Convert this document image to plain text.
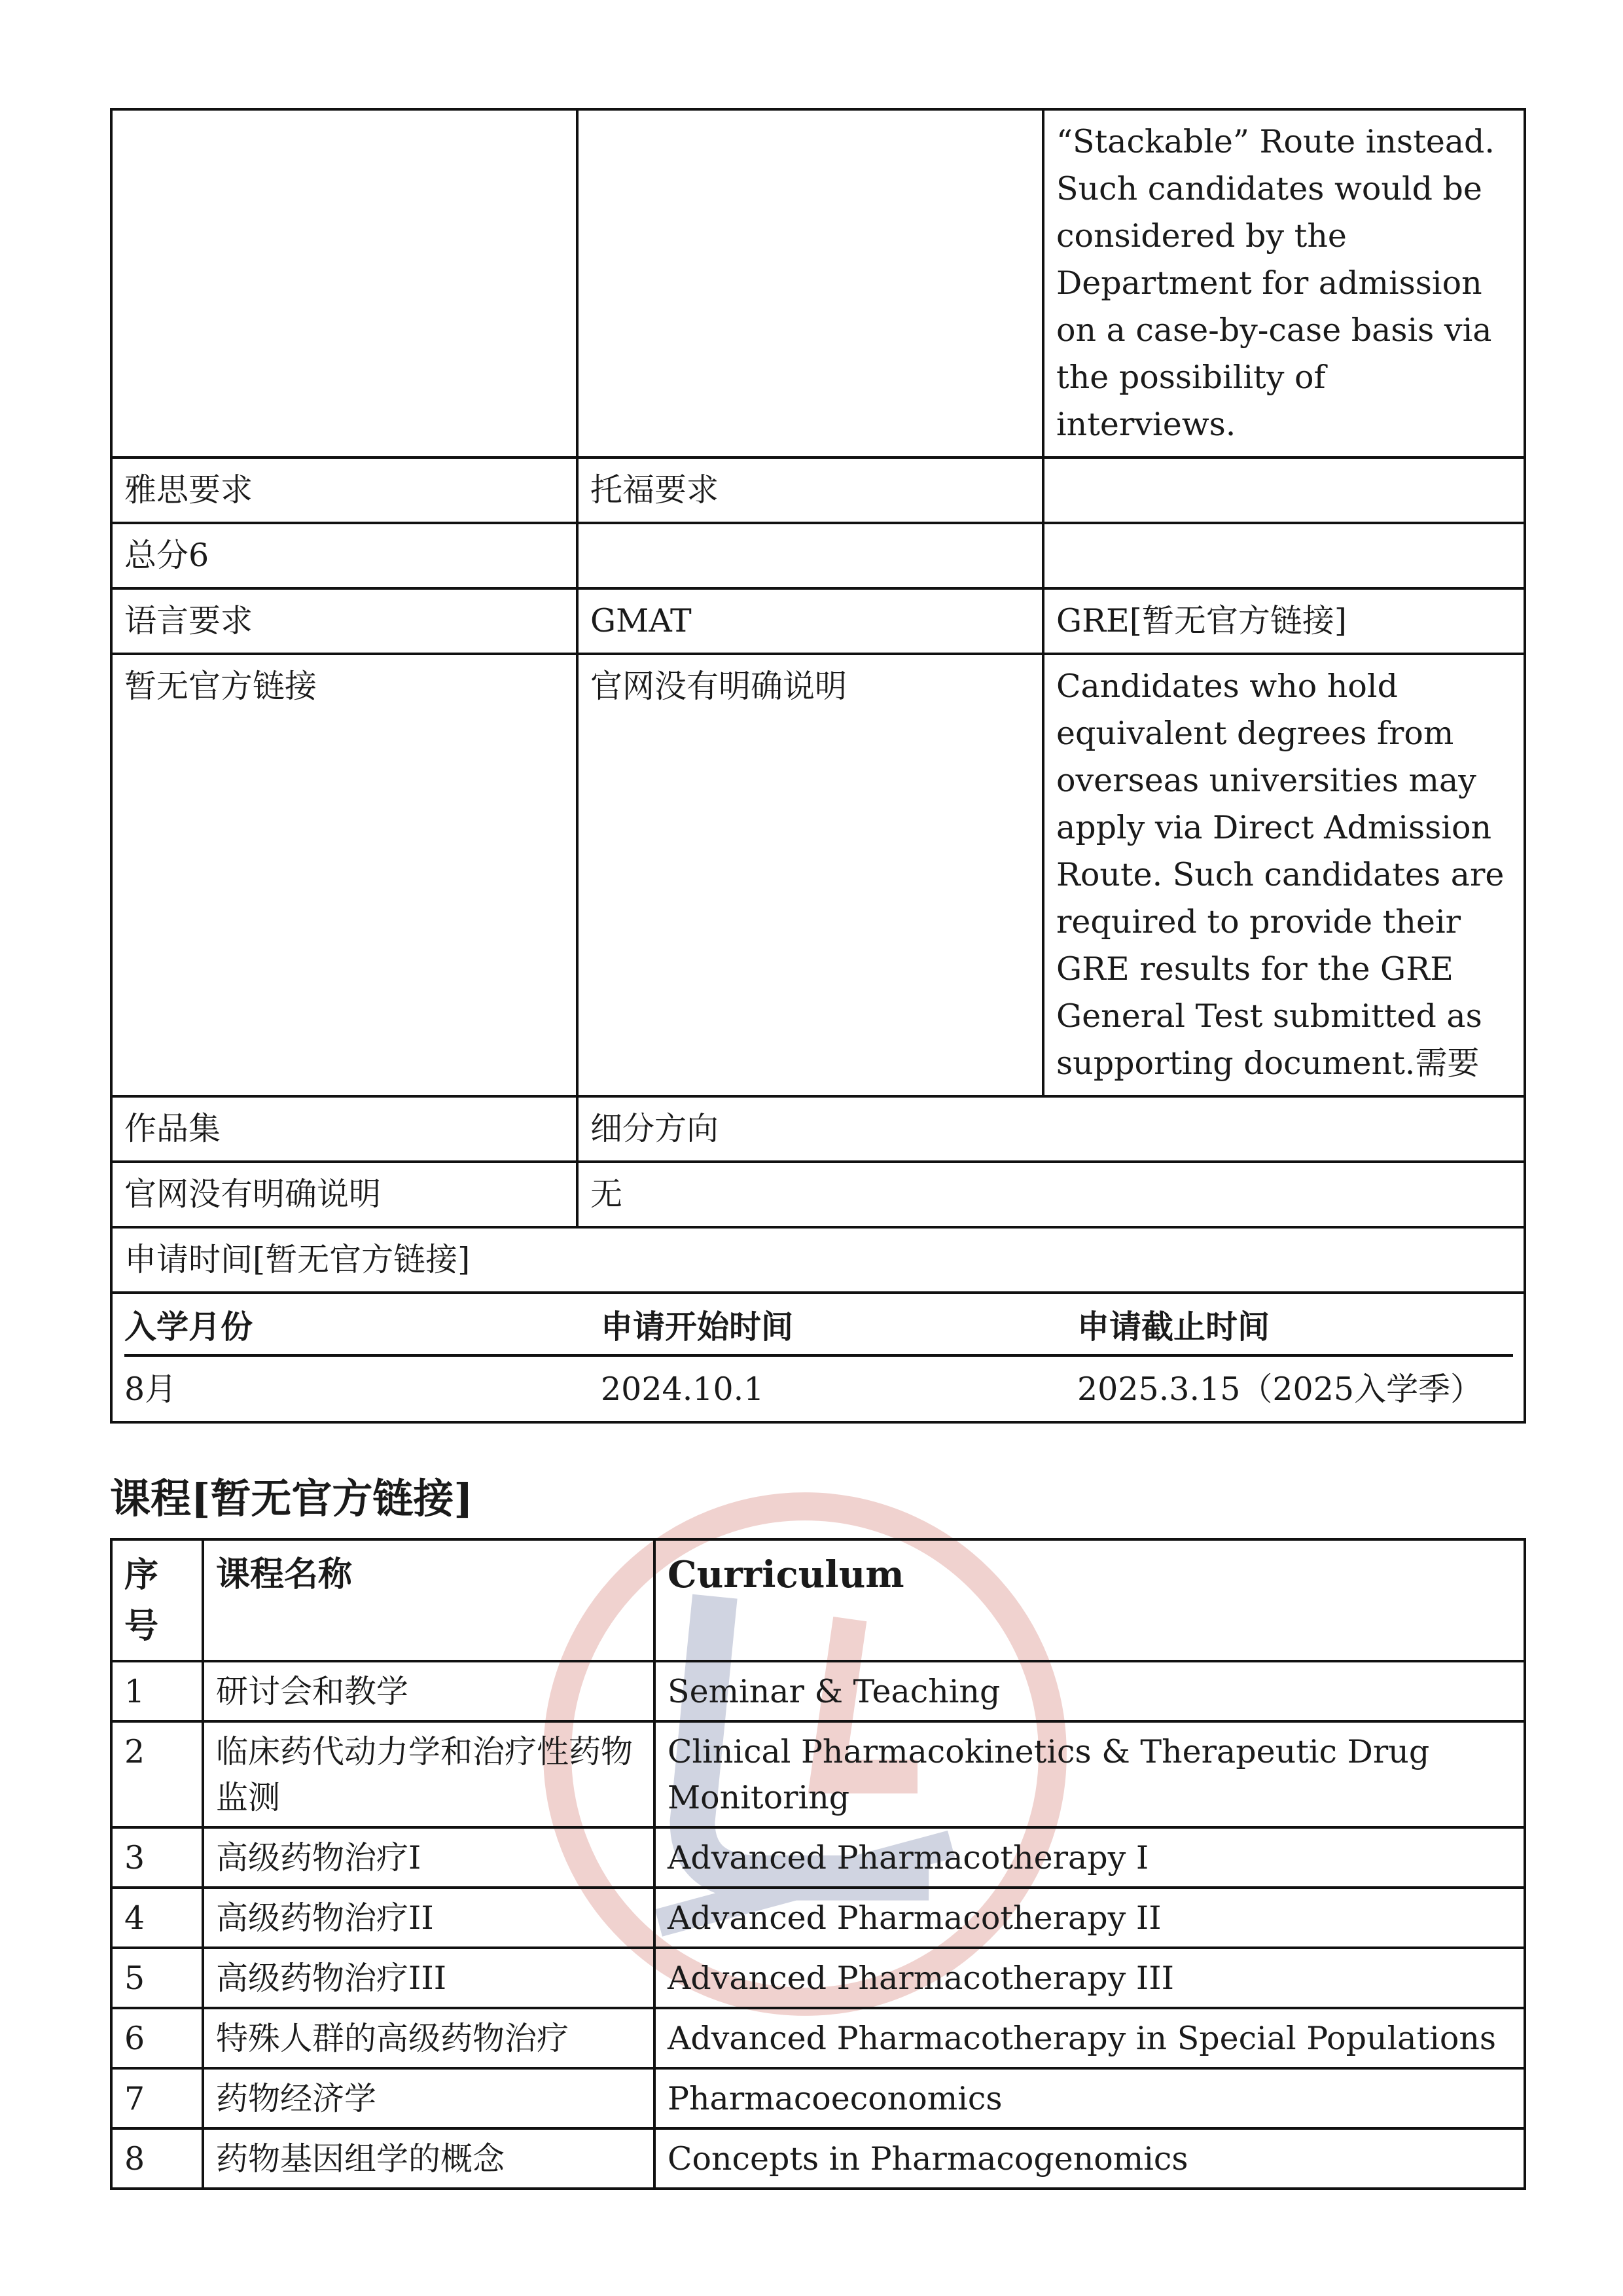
		“Stackable” Route instead. Such candidates would be considered by the Department for admission on a case-by-case basis via the possibility of interviews.
雅思要求	托福要求	
总分6		
语言要求	GMAT	GRE[暂无官方链接]
暂无官方链接	官网没有明确说明	Candidates who hold equivalent degrees from overseas universities may apply via Direct Admission Route. Such candidates are required to provide their GRE results for the GRE General Test submitted as supporting document.需要
作品集	细分方向
官网没有明确说明	无
申请时间[暂无官方链接]

入学月份	申请开始时间	申请截止时间
8月	2024.10.1	2025.3.15（2025入学季）
课程[暂无官方链接]
序号	课程名称	Curriculum
1	研讨会和教学	Seminar & Teaching
2	临床药代动力学和治疗性药物监测	Clinical Pharmacokinetics & Therapeutic Drug Monitoring
3	高级药物治疗I	Advanced Pharmacotherapy I
4	高级药物治疗II	Advanced Pharmacotherapy II
5	高级药物治疗III	Advanced Pharmacotherapy III
6	特殊人群的高级药物治疗	Advanced Pharmacotherapy in Special Populations
7	药物经济学	Pharmacoeconomics
8	药物基因组学的概念	Concepts in Pharmacogenomics
